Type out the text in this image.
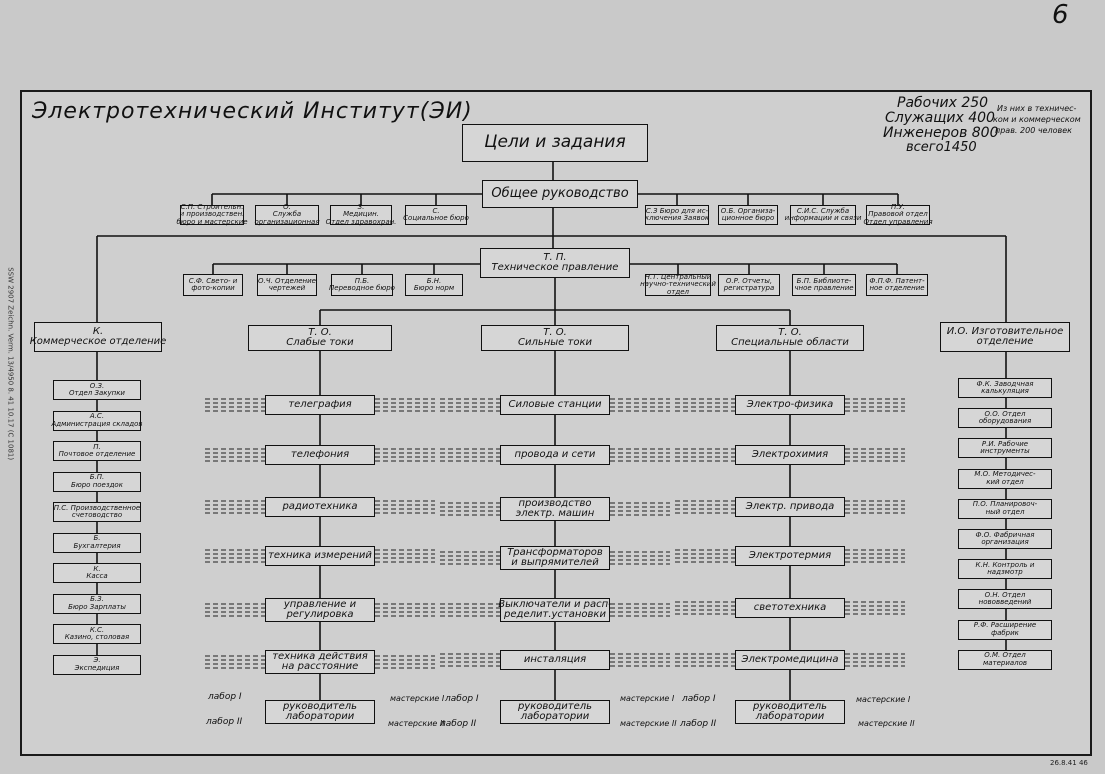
6
SSW 2907 Zeichn. Verm. 13/4950 8. 41 10.17 (C 1081)
26.8.41 46
Электротехнический Институт(ЭИ)	Рабочих 250
Служащих 400
Инженеров 800
всего1450
Из них в техничес-
ком и коммерческом
прав. 200 человек
Цели и задания
Общее руководство
С.П. Строительн.
и производствен.
бюро и мастерские
О.
Служба
организационная
З.
Медицин.
Отдел здравохран.
С.
Социальное бюро
С.З Бюро для ис-
ключения Заявок
О.Б. Организа-
ционное бюро
С.И.С. Служба
информации и связи
П.У.
Правовой отдел
Отдел управления
Т. П.
Техническое правление
С.Ф. Свето- и
фото-копии
О.Ч. Отделение
чертежей
П.Б.
Переводное бюро
Б.Н.
Бюро норм
Н.Т. Центральный
научно-технический
отдел
О.Р. Отчеты,
регистратура
Б.П. Библиоте-
чное правление
Ф.П.Ф. Патент-
ное отделение
К.
Коммерческое отделение
И.О. Изготовительное
отделение
О.З.
Отдел Закупки
А.С.
Администрация складов
П.
Почтовое отделение
Б.П.
Бюро поездок
П.С. Производственное
счетоводство
Б.
Бухгалтерия
К.
Касса
Б.З.
Бюро Зарплаты
К.С.
Казино, столовая
Э.
Экспедиция
Ф.К. Заводчная
калькуляция
О.О. Отдел
оборудования
Р.И. Рабочие
инструменты
М.О. Методичес-
кий отдел
П.О. Планировоч-
ный отдел
Ф.О. Фабричная
организация
К.Н. Контроль и
надзмотр
О.Н. Отдел
нововведений
Р.Ф. Расширение
фабрик
О.М. Отдел
материалов
Т. О.
Слабые токи
телеграфия
телефония
радиотехника
техника измерений
управление и
регулировка
техника действия
на расстояние
руководитель
лаборатории
Т. О.
Сильные токи
Силовые станции
провода и сети
производство
электр. машин
Трансформаторов
и выпрямителей
Выключатели и расп-
ределит.установки
инсталяция
руководитель
лаборатории
Т. О.
Специальные области
Электро-физика
Электрохимия
Электр. привода
Электротермия
светотехника
Электромедицина
руководитель
лаборатории
лабор I
лабор II
мастерские I
мастерские II
лабор I
лабор II
мастерские I
мастерские II
лабор I
лабор II
мастерские I
мастерские II
